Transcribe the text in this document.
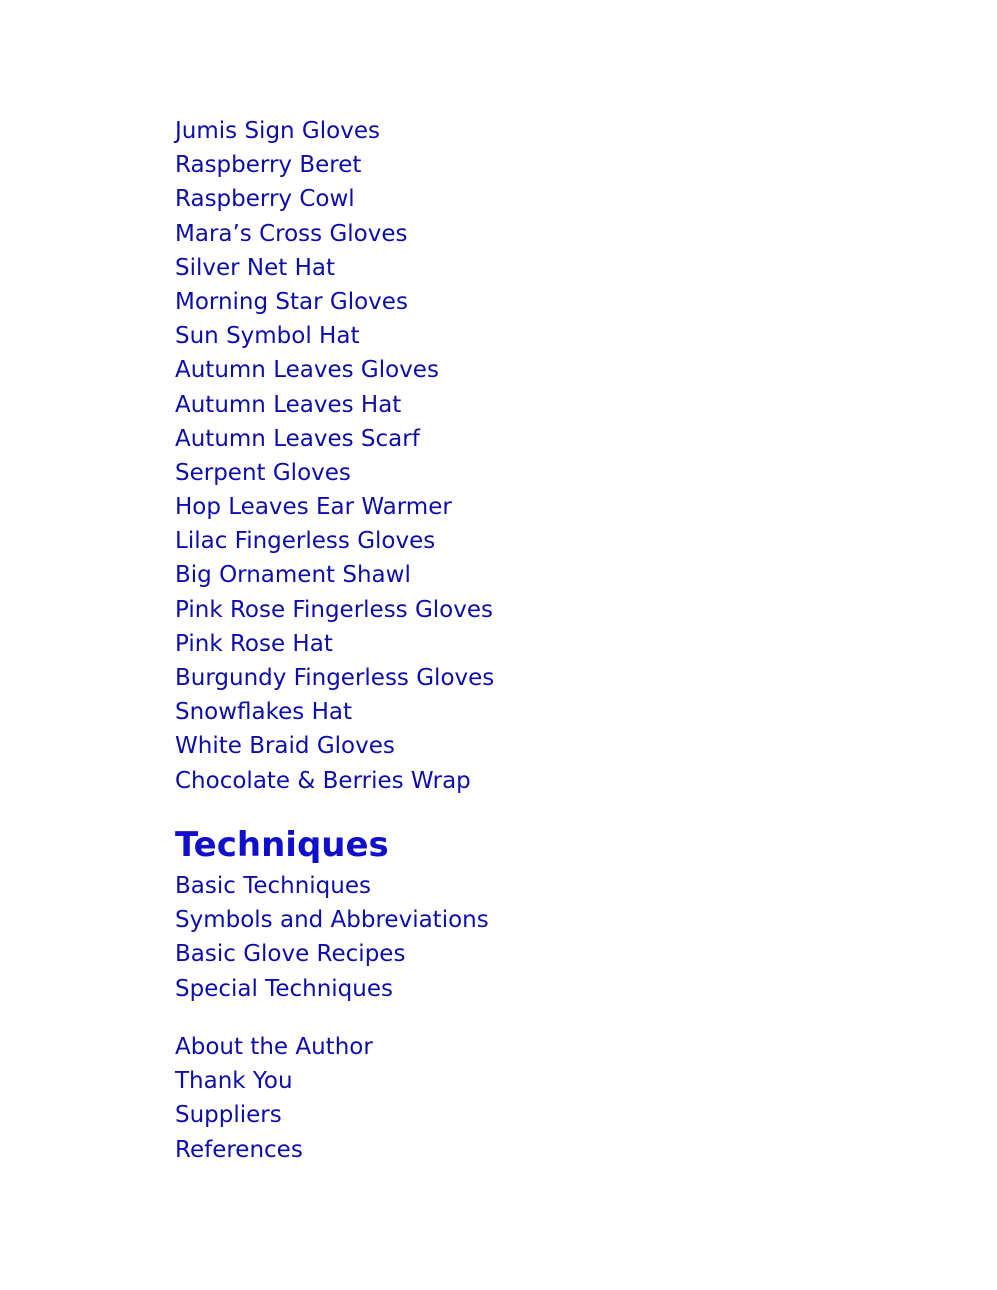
Jumis Sign Gloves
Raspberry Beret
Raspberry Cowl
Mara’s Cross Gloves
Silver Net Hat
Morning Star Gloves
Sun Symbol Hat
Autumn Leaves Gloves
Autumn Leaves Hat
Autumn Leaves Scarf
Serpent Gloves
Hop Leaves Ear Warmer
Lilac Fingerless Gloves
Big Ornament Shawl
Pink Rose Fingerless Gloves
Pink Rose Hat
Burgundy Fingerless Gloves
Snowflakes Hat
White Braid Gloves
Chocolate & Berries Wrap
Techniques
Basic Techniques
Symbols and Abbreviations
Basic Glove Recipes
Special Techniques
About the Author
Thank You
Suppliers
References
